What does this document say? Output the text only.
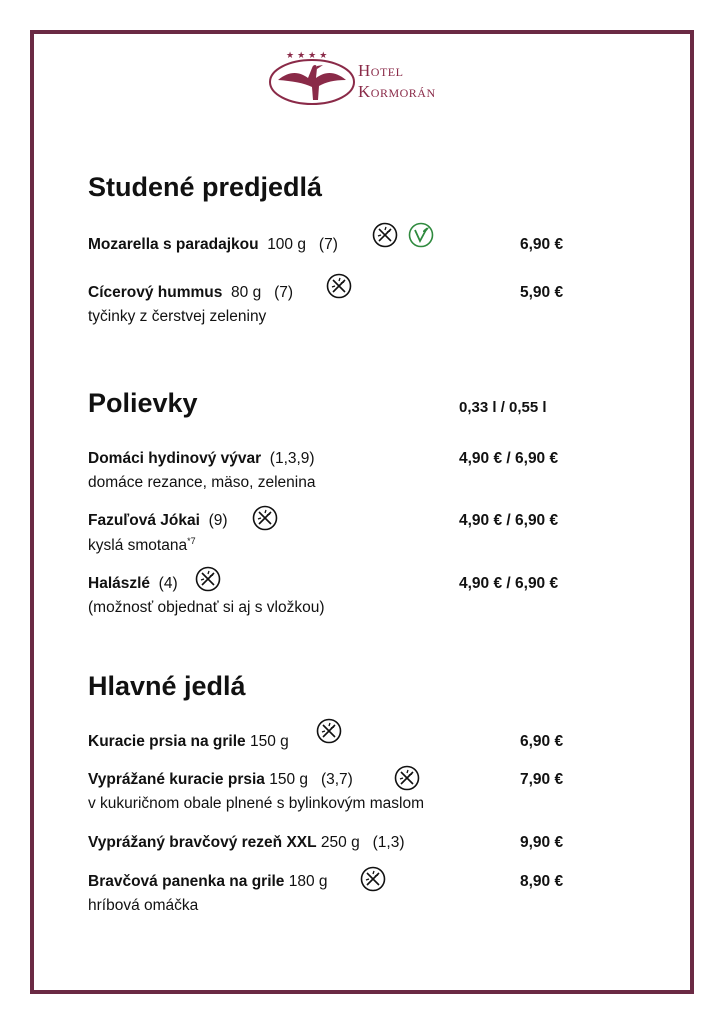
★★★★
Hotel
Kormorán
Studené predjedlá
Mozarella s paradajkou 100 g (7)	6,90 €
Cícerový hummus 80 g (7)	5,90 €
tyčinky z čerstvej zeleniny
Polievky	0,33 l / 0,55 l
Domáci hydinový vývar (1,3,9)	4,90 € / 6,90 €
domáce rezance, mäso, zelenina
Fazuľová Jókai (9)	4,90 € / 6,90 €
kyslá smotana$^{*7}$
Halászlé (4)	4,90 € / 6,90 €
(možnosť objednať si aj s vložkou)
Hlavné jedlá
Kuracie prsia na grile 150 g	6,90 €
Vyprážané kuracie prsia 150 g (3,7)	7,90 €
v kukuričnom obale plnené s bylinkovým maslom
Vyprážaný bravčový rezeň XXL 250 g (1,3)	9,90 €
Bravčová panenka na grile 180 g	8,90 €
hríbová omáčka
